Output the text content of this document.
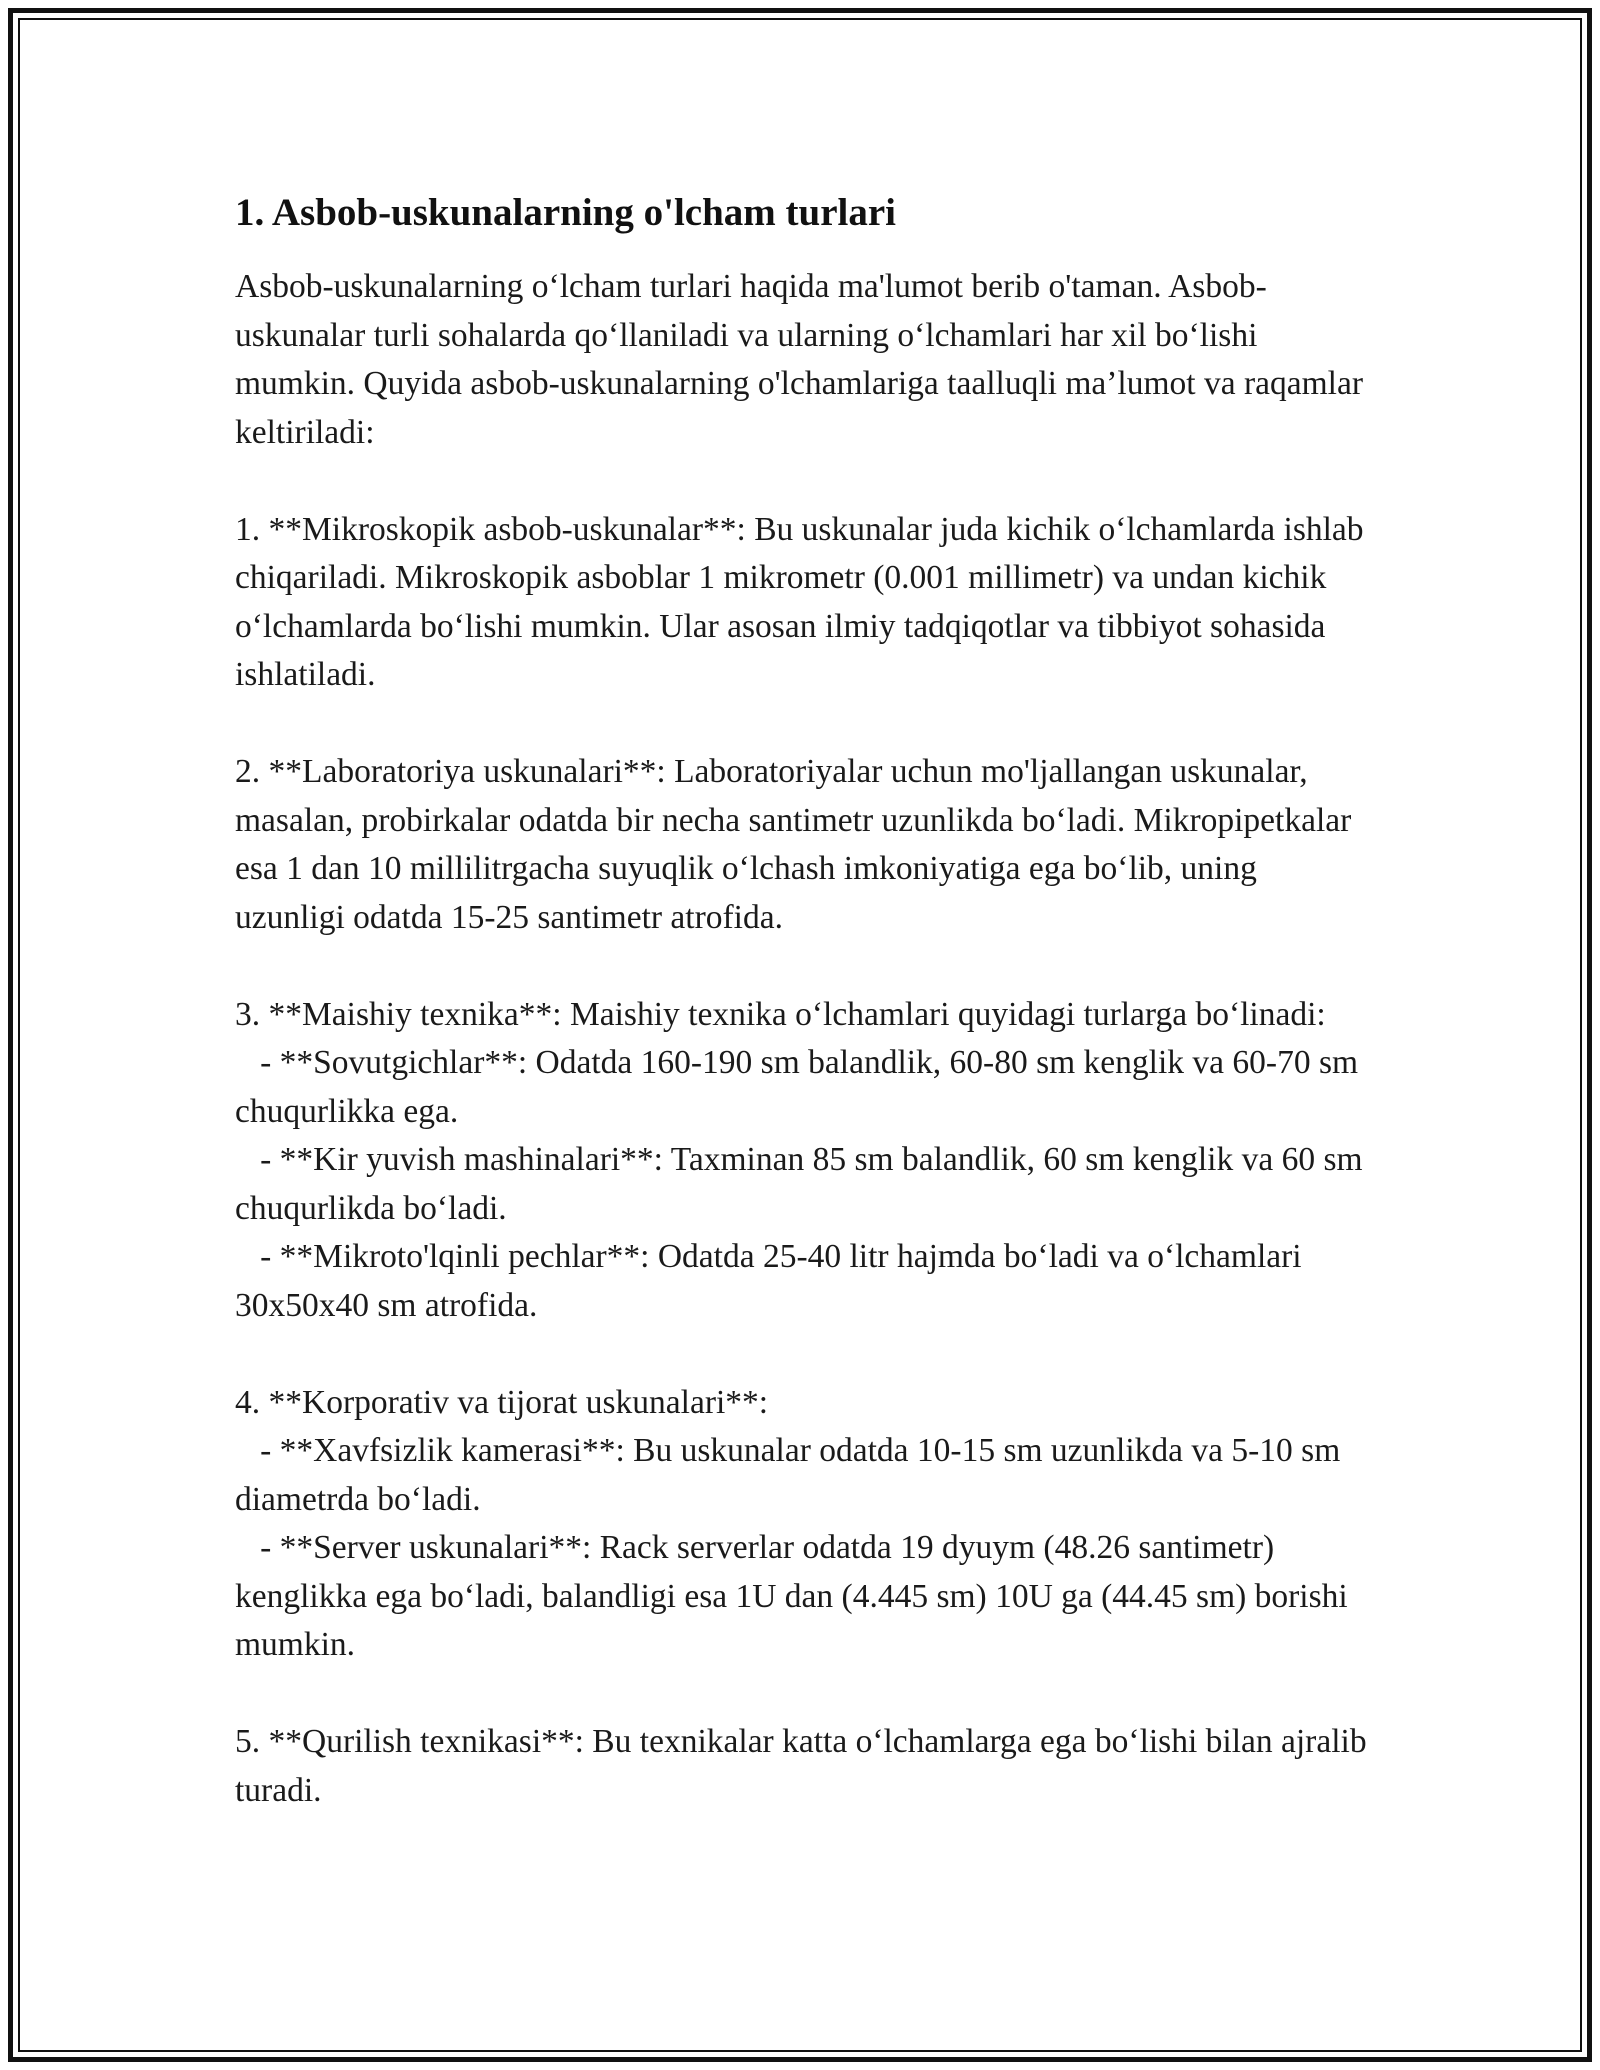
1. Asbob-uskunalarning o'lcham turlari

Asbob-uskunalarning o‘lcham turlari haqida ma'lumot berib o'taman. Asbob-uskunalar turli sohalarda qo‘llaniladi va ularning o‘lchamlari har xil bo‘lishi mumkin. Quyida asbob-uskunalarning o'lchamlariga taalluqli ma’lumot va raqamlar keltiriladi:

1. **Mikroskopik asbob-uskunalar**: Bu uskunalar juda kichik o‘lchamlarda ishlab chiqariladi. Mikroskopik asboblar 1 mikrometr (0.001 millimetr) va undan kichik o‘lchamlarda bo‘lishi mumkin. Ular asosan ilmiy tadqiqotlar va tibbiyot sohasida ishlatiladi.

2. **Laboratoriya uskunalari**: Laboratoriyalar uchun mo'ljallangan uskunalar, masalan, probirkalar odatda bir necha santimetr uzunlikda bo‘ladi. Mikropipetkalar esa 1 dan 10 millilitrgacha suyuqlik o‘lchash imkoniyatiga ega bo‘lib, uning uzunligi odatda 15-25 santimetr atrofida.

3. **Maishiy texnika**: Maishiy texnika o‘lchamlari quyidagi turlarga bo‘linadi:
- **Sovutgichlar**: Odatda 160-190 sm balandlik, 60-80 sm kenglik va 60-70 sm chuqurlikka ega.
- **Kir yuvish mashinalari**: Taxminan 85 sm balandlik, 60 sm kenglik va 60 sm chuqurlikda bo‘ladi.
- **Mikroto'lqinli pechlar**: Odatda 25-40 litr hajmda bo‘ladi va o‘lchamlari 30x50x40 sm atrofida.

4. **Korporativ va tijorat uskunalari**:
- **Xavfsizlik kamerasi**: Bu uskunalar odatda 10-15 sm uzunlikda va 5-10 sm diametrda bo‘ladi.
- **Server uskunalari**: Rack serverlar odatda 19 dyuym (48.26 santimetr) kenglikka ega bo‘ladi, balandligi esa 1U dan (4.445 sm) 10U ga (44.45 sm) borishi mumkin.

5. **Qurilish texnikasi**: Bu texnikalar katta o‘lchamlarga ega bo‘lishi bilan ajralib turadi.
